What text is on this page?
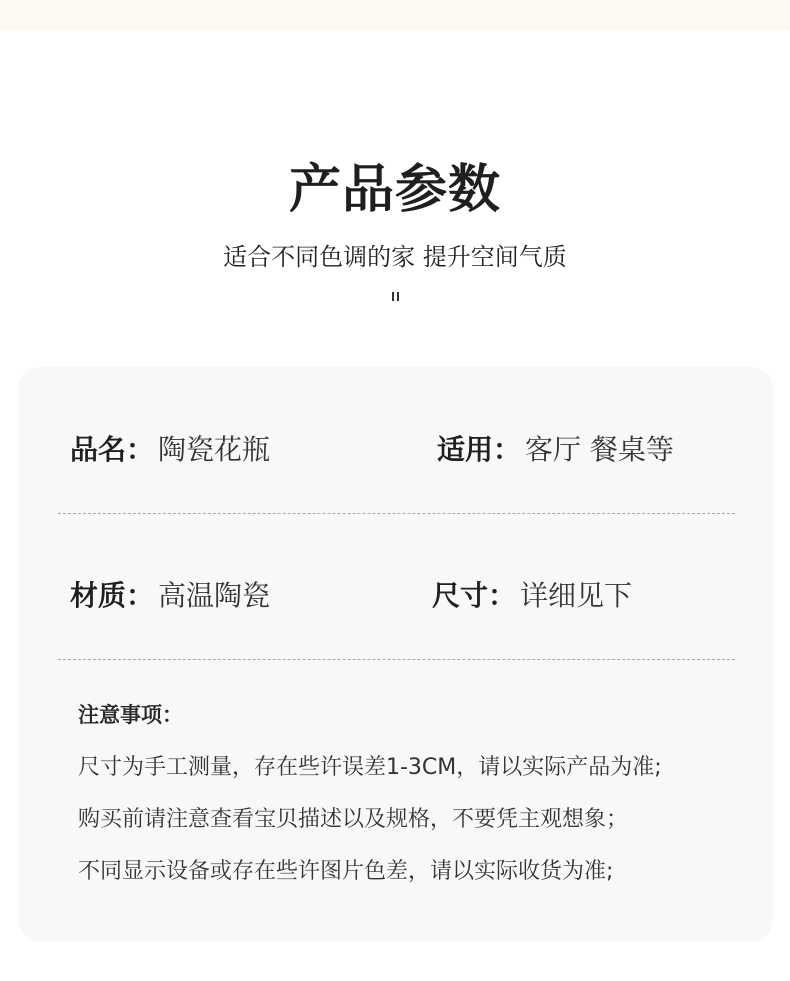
产品参数
适合不同色调的家 提升空间气质
品名： 陶瓷花瓶	适用： 客厅 餐桌等
材质： 高温陶瓷	尺寸： 详细见下
注意事项：
尺寸为手工测量，存在些许误差1-3CM，请以实际产品为准;
购买前请注意查看宝贝描述以及规格，不要凭主观想象；
不同显示设备或存在些许图片色差，请以实际收货为准;
